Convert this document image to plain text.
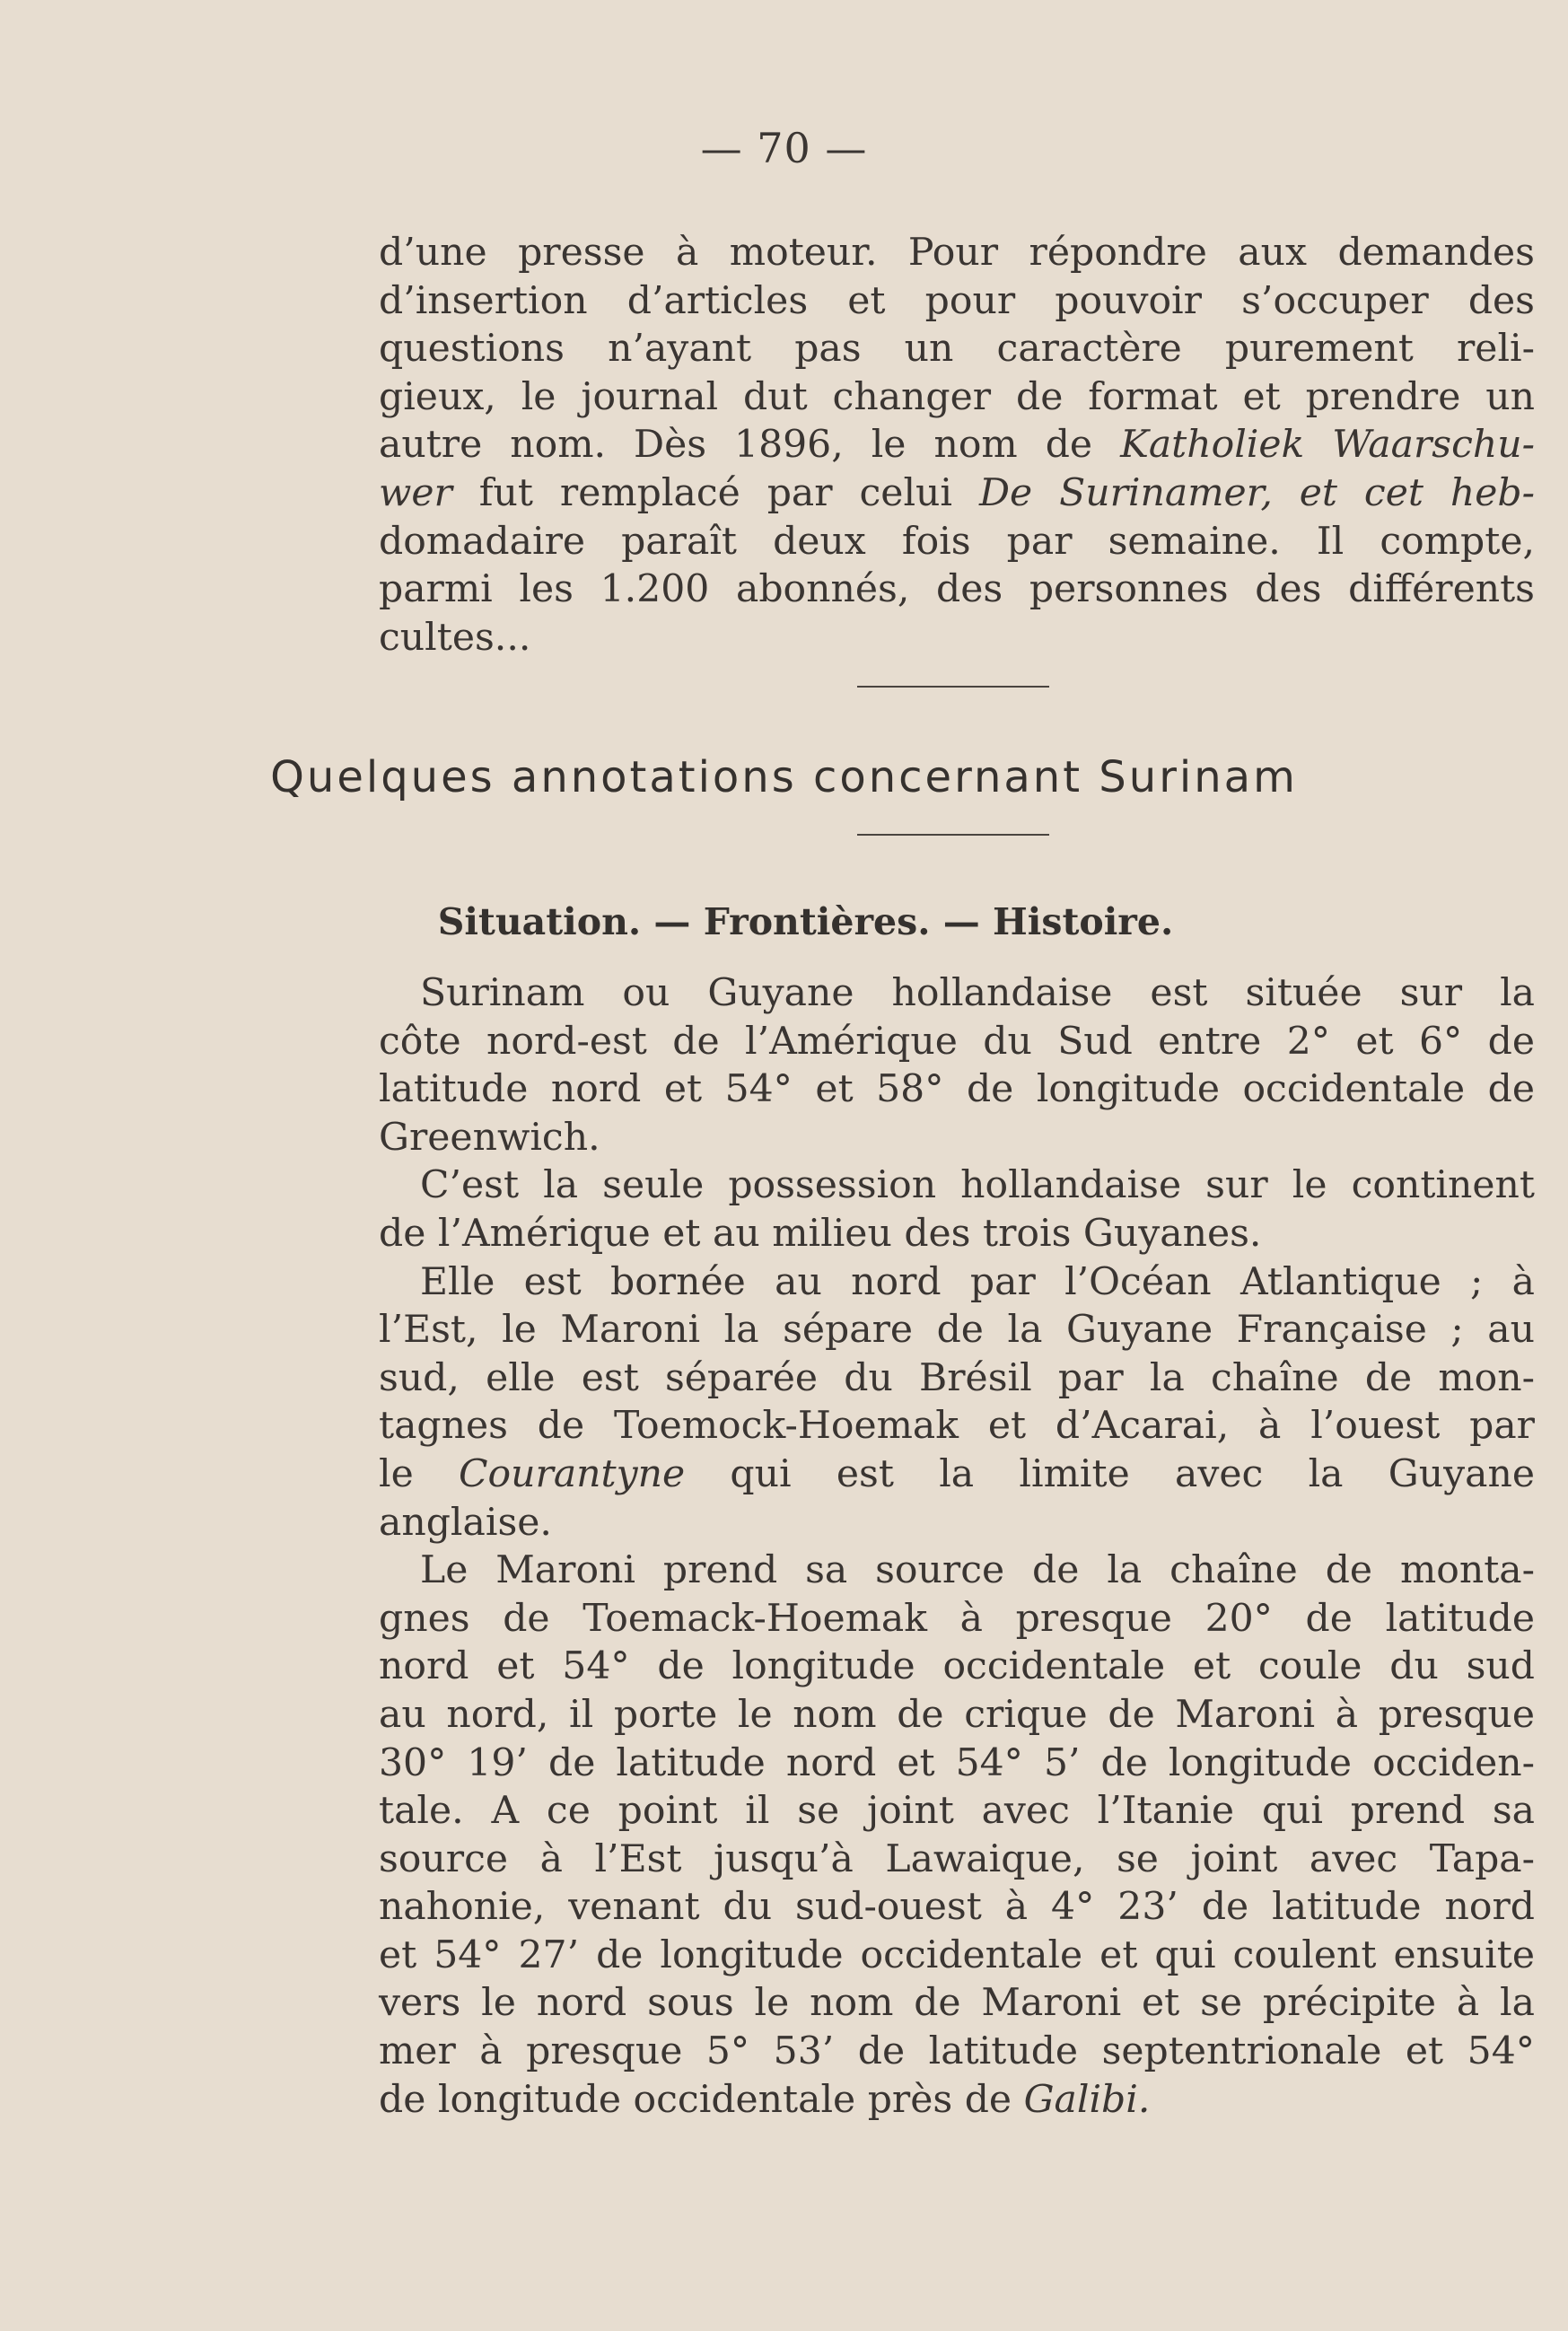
— 70 —
d’une presse à moteur. Pour répondre aux demandes
d’insertion d’articles et pour pouvoir s’occuper des
questions n’ayant pas un caractère purement reli-
gieux, le journal dut changer de format et prendre un
autre nom. Dès 1896, le nom de Katholiek Waarschu-
wer fut remplacé par celui De Surinamer, et cet heb-
domadaire paraît deux fois par semaine. Il compte,
parmi les 1.200 abonnés, des personnes des différents
cultes...
Quelques annotations concernant Surinam
Situation. — Frontières. — Histoire.
Surinam ou Guyane hollandaise est située sur la
côte nord-est de l’Amérique du Sud entre 2° et 6° de
latitude nord et 54° et 58° de longitude occidentale de
Greenwich.
C’est la seule possession hollandaise sur le continent
de l’Amérique et au milieu des trois Guyanes.
Elle est bornée au nord par l’Océan Atlantique ; à
l’Est, le Maroni la sépare de la Guyane Française ; au
sud, elle est séparée du Brésil par la chaîne de mon-
tagnes de Toemock-Hoemak et d’Acarai, à l’ouest par
le Courantyne qui est la limite avec la Guyane
anglaise.
Le Maroni prend sa source de la chaîne de monta-
gnes de Toemack-Hoemak à presque 20° de latitude
nord et 54° de longitude occidentale et coule du sud
au nord, il porte le nom de crique de Maroni à presque
30° 19’ de latitude nord et 54° 5’ de longitude occiden-
tale. A ce point il se joint avec l’Itanie qui prend sa
source à l’Est jusqu’à Lawaique, se joint avec Tapa-
nahonie, venant du sud-ouest à 4° 23’ de latitude nord
et 54° 27’ de longitude occidentale et qui coulent ensuite
vers le nord sous le nom de Maroni et se précipite à la
mer à presque 5° 53’ de latitude septentrionale et 54°
de longitude occidentale près de Galibi.
